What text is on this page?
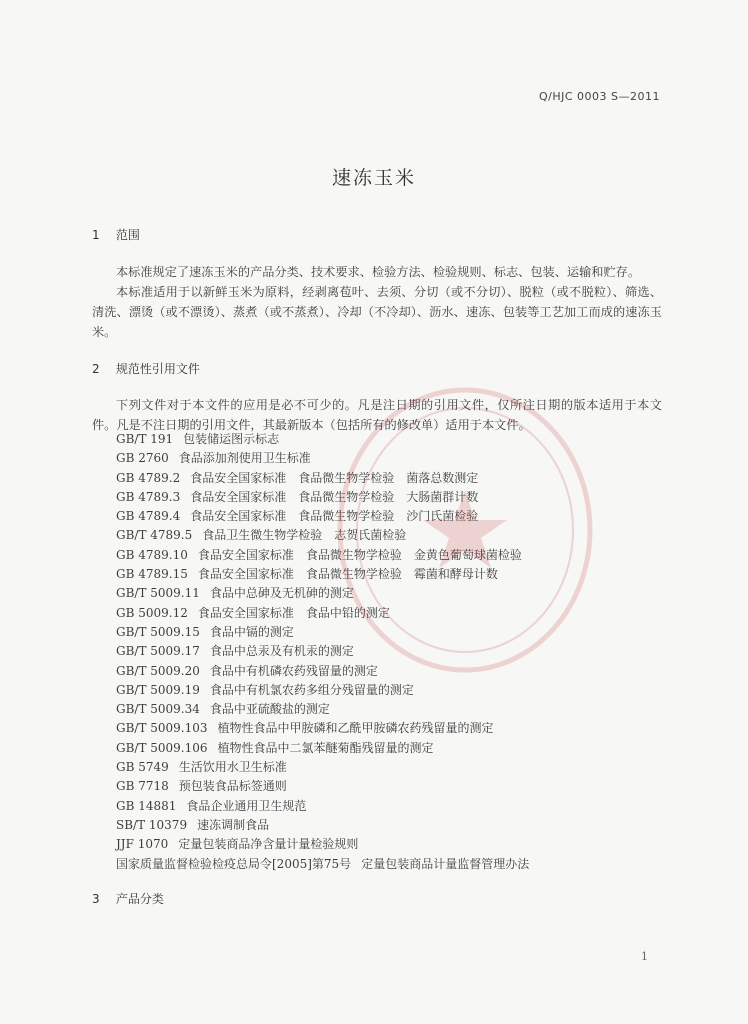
Q/HJC 0003 S—2011
速冻玉米
1 范围

本标准规定了速冻玉米的产品分类、技术要求、检验方法、检验规则、标志、包装、运输和贮存。

本标准适用于以新鲜玉米为原料，经剥离苞叶、去须、分切（或不分切）、脱粒（或不脱粒）、筛选、清洗、漂烫（或不漂烫）、蒸煮（或不蒸煮）、冷却（不冷却）、沥水、速冻、包装等工艺加工而成的速冻玉米。

2 规范性引用文件

下列文件对于本文件的应用是必不可少的。凡是注日期的引用文件，仅所注日期的版本适用于本文件。凡是不注日期的引用文件，其最新版本（包括所有的修改单）适用于本文件。

GB/T 191 包装储运图示标志
GB 2760 食品添加剂使用卫生标准
GB 4789.2 食品安全国家标准　食品微生物学检验　菌落总数测定
GB 4789.3 食品安全国家标准　食品微生物学检验　大肠菌群计数
GB 4789.4 食品安全国家标准　食品微生物学检验　沙门氏菌检验
GB/T 4789.5 食品卫生微生物学检验　志贺氏菌检验
GB 4789.10 食品安全国家标准　食品微生物学检验　金黄色葡萄球菌检验
GB 4789.15 食品安全国家标准　食品微生物学检验　霉菌和酵母计数
GB/T 5009.11 食品中总砷及无机砷的测定
GB 5009.12 食品安全国家标准　食品中铅的测定
GB/T 5009.15 食品中镉的测定
GB/T 5009.17 食品中总汞及有机汞的测定
GB/T 5009.20 食品中有机磷农药残留量的测定
GB/T 5009.19 食品中有机氯农药多组分残留量的测定
GB/T 5009.34 食品中亚硫酸盐的测定
GB/T 5009.103 植物性食品中甲胺磷和乙酰甲胺磷农药残留量的测定
GB/T 5009.106 植物性食品中二氯苯醚菊酯残留量的测定
GB 5749 生活饮用水卫生标准
GB 7718 预包装食品标签通则
GB 14881 食品企业通用卫生规范
SB/T 10379 速冻调制食品
JJF 1070 定量包装商品净含量计量检验规则
国家质量监督检验检疫总局令[2005]第75号 定量包装商品计量监督管理办法
3 产品分类
1
